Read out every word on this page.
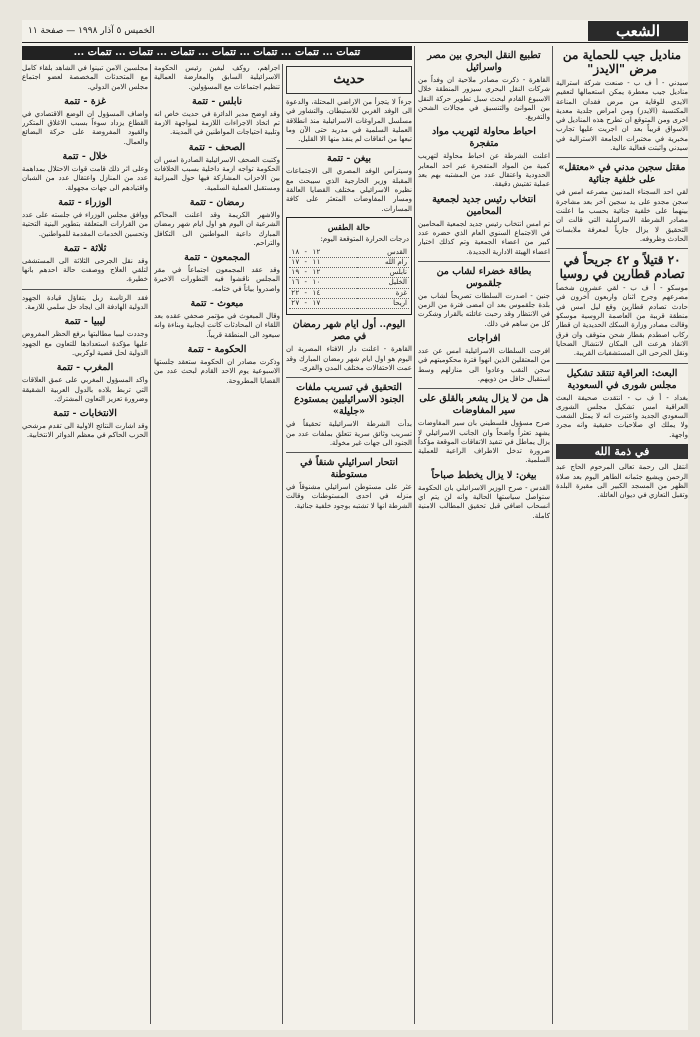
الشعب
الخميس ٥ آذار ١٩٩٨ — صفحة ١١
مناديل جيب للحماية من مرض "الايدز"

سيدني - أ ف ب - صنعت شركة استرالية مناديل جيب معطرة يمكن استعمالها لتعقيم الايدي للوقاية من مرض فقدان المناعة المكتسبة (الايدز) ومن امراض جلدية معدية اخرى ومن المتوقع ان تطرح هذه المناديل في الاسواق قريباً بعد ان اجريت عليها تجارب مخبرية في مختبرات الجامعة الاسترالية في سيدني واثبتت فعالية عالية.

مقتل سجين مدني في «معتقل» على خلفية جنائية

لقي احد السجناء المدنيين مصرعه امس في سجن مجدو على يد سجين آخر بعد مشاجرة بينهما على خلفية جنائية بحسب ما اعلنت مصادر الشرطة الاسرائيلية التي قالت ان التحقيق لا يزال جارياً لمعرفة ملابسات الحادث وظروفه.

٢٠ قتيلاً و ٤٢ جريحاً في تصادم قطارين في روسيا

موسكو - أ ف ب - لقي عشرون شخصاً مصرعهم وجرح اثنان واربعون آخرون في حادث تصادم قطارين وقع ليل امس في منطقة قريبة من العاصمة الروسية موسكو وقالت مصادر وزارة السكك الحديدية ان قطار ركاب اصطدم بقطار شحن متوقف وان فرق الانقاذ هرعت الى المكان لانتشال الضحايا ونقل الجرحى الى المستشفيات القريبة.

البعث: العراقية تنتقد تشكيل مجلس شورى في السعودية

بغداد - أ ف ب - انتقدت صحيفة البعث العراقية امس تشكيل مجلس الشورى السعودي الجديد واعتبرت انه لا يمثل الشعب ولا يملك اي صلاحيات حقيقية وانه مجرد واجهة.

في ذمة الله

انتقل الى رحمة تعالى المرحوم الحاج عبد الرحمن ويشيع جثمانه الطاهر اليوم بعد صلاة الظهر من المسجد الكبير الى مقبرة البلدة وتقبل التعازي في ديوان العائلة.

تطبيع النقل البحري بين مصر واسرائيل

القاهرة - ذكرت مصادر ملاحية ان وفداً من شركات النقل البحري سيزور المنطقة خلال الاسبوع القادم لبحث سبل تطوير حركة النقل بين الموانئ والتنسيق في مجالات الشحن والتفريغ.

احباط محاولة لتهريب مواد متفجرة

اعلنت الشرطة عن احباط محاولة لتهريب كمية من المواد المتفجرة عبر احد المعابر الحدودية واعتقال عدد من المشتبه بهم بعد عملية تفتيش دقيقة.

انتخاب رئيس جديد لجمعية المحامين

تم امس انتخاب رئيس جديد لجمعية المحامين في الاجتماع السنوي العام الذي حضره عدد كبير من اعضاء الجمعية وتم كذلك اختيار اعضاء الهيئة الادارية الجديدة.

بطاقة خضراء لشاب من جلقموس

جنين - اصدرت السلطات تصريحاً لشاب من بلدة جلقموس بعد ان امضى فترة من الزمن في الانتظار وقد رحبت عائلته بالقرار وشكرت كل من ساهم في ذلك.

افراجات

افرجت السلطات الاسرائيلية امس عن عدد من المعتقلين الذين انهوا فترة محكوميتهم في سجن النقب وعادوا الى منازلهم وسط استقبال حافل من ذويهم.

هل من لا يزال يشعر بالقلق على سير المفاوضات

صرح مسؤول فلسطيني بان سير المفاوضات يشهد تعثراً واضحاً وان الجانب الاسرائيلي لا يزال يماطل في تنفيذ الاتفاقات الموقعة مؤكداً ضرورة تدخل الاطراف الراعية للعملية السلمية.

بيغن: لا يزال يخطط صباحاً

القدس - صرح الوزير الاسرائيلي بان الحكومة ستواصل سياستها الحالية وانه لن يتم اي انسحاب اضافي قبل تحقيق المطالب الامنية كاملة.

تتمات ... تتمات ... تتمات ... تتمات ... تتمات ... تتمات ... تتمات ...
حديث

جزءاً لا يتجزأ من الاراضي المحتلة، والدعوة الى الوفد الغربي للاستيطان. والتشاور في مسلسل المراوغات الاسرائيلية منذ انطلاقة العملية السلمية في مدريد حتى الآن وما تبعها من اتفاقات لم ينفذ منها الا القليل.

بيغن - تتمة

وسيترأس الوفد المصري الى الاجتماعات المقبلة وزير الخارجية الذي سيبحث مع نظيره الاسرائيلي مختلف القضايا العالقة ومسار المفاوضات المتعثر على كافة المسارات.

حالة الطقس
درجات الحرارة المتوقعة اليوم:
القدس	١٢ - ١٨
رام الله	١١ - ١٧
نابلس	١٢ - ١٩
الخليل	١٠ - ١٦
غزة	١٤ - ٢٢
اريحا	١٧ - ٢٧
اليوم.. أول ايام شهر رمضان في مصر

القاهرة - اعلنت دار الافتاء المصرية ان اليوم هو اول ايام شهر رمضان المبارك وقد عمت الاحتفالات مختلف المدن والقرى.

التحقيق في تسريب ملفات الجنود الاسرائيليين بمستودع «جليلة»

بدأت الشرطة الاسرائيلية تحقيقاً في تسريب وثائق سرية تتعلق بملفات عدد من الجنود الى جهات غير مخولة.

انتحار اسرائيلي شنقاً في مستوطنة

عثر على مستوطن اسرائيلي مشنوقاً في منزله في احدى المستوطنات وقالت الشرطة انها لا تشتبه بوجود خلفية جنائية.

اجراهم، روكف ليفين رئيس الحكومة الاسرائيلية السابق والمعارضة العمالية تنظيم اجتماعات مع المسؤولين.

نابلس - تتمة

وقد اوضح مدير الدائرة في حديث خاص انه تم اتخاذ الاجراءات اللازمة لمواجهة الازمة وتلبية احتياجات المواطنين في المدينة.

الصحف - تتمة

وكتبت الصحف الاسرائيلية الصادرة امس ان الحكومة تواجه ازمة داخلية بسبب الخلافات بين الاحزاب المشاركة فيها حول الميزانية ومستقبل العملية السلمية.

رمضان - تتمة

والاشهر الكريمة وقد اعلنت المحاكم الشرعية ان اليوم هو اول ايام شهر رمضان المبارك داعية المواطنين الى التكافل والتراحم.

المجمعون - تتمة

وقد عقد المجمعون اجتماعاً في مقر المجلس ناقشوا فيه التطورات الاخيرة واصدروا بياناً في ختامه.

مبعوث - تتمة

وقال المبعوث في مؤتمر صحفي عقده بعد اللقاء ان المحادثات كانت ايجابية وبناءة وانه سيعود الى المنطقة قريباً.

الحكومة - تتمة

وذكرت مصادر ان الحكومة ستعقد جلستها الاسبوعية يوم الاحد القادم لبحث عدد من القضايا المطروحة.

مجلسين الامن تبينوا في الشاهد بلقاء كامل مع المتحدثات المخصصة لعضو اجتماع مجلس الامن الدولي.

غزة - تتمة

واضاف المسؤول ان الوضع الاقتصادي في القطاع يزداد سوءاً بسبب الاغلاق المتكرر والقيود المفروضة على حركة البضائع والعمال.

خلال - تتمة

وعلى اثر ذلك قامت قوات الاحتلال بمداهمة عدد من المنازل واعتقال عدد من الشبان واقتيادهم الى جهات مجهولة.

الوزراء - تتمة

ووافق مجلس الوزراء في جلسته على عدد من القرارات المتعلقة بتطوير البنية التحتية وتحسين الخدمات المقدمة للمواطنين.

ثلاثة - تتمة

وقد نقل الجرحى الثلاثة الى المستشفى لتلقي العلاج ووصفت حالة احدهم بانها خطيرة.

فقد الرئاسة زبل بتفاؤل قيادة الجهود الدولية الهادفة الى ايجاد حل سلمي للازمة.

ليبيا - تتمة

وجددت ليبيا مطالبتها برفع الحظر المفروض عليها مؤكدة استعدادها للتعاون مع الجهود الدولية لحل قضية لوكربي.

المغرب - تتمة

واكد المسؤول المغربي على عمق العلاقات التي تربط بلاده بالدول العربية الشقيقة وضرورة تعزيز التعاون المشترك.

الانتخابات - تتمة

وقد اشارت النتائج الاولية الى تقدم مرشحي الحزب الحاكم في معظم الدوائر الانتخابية.
